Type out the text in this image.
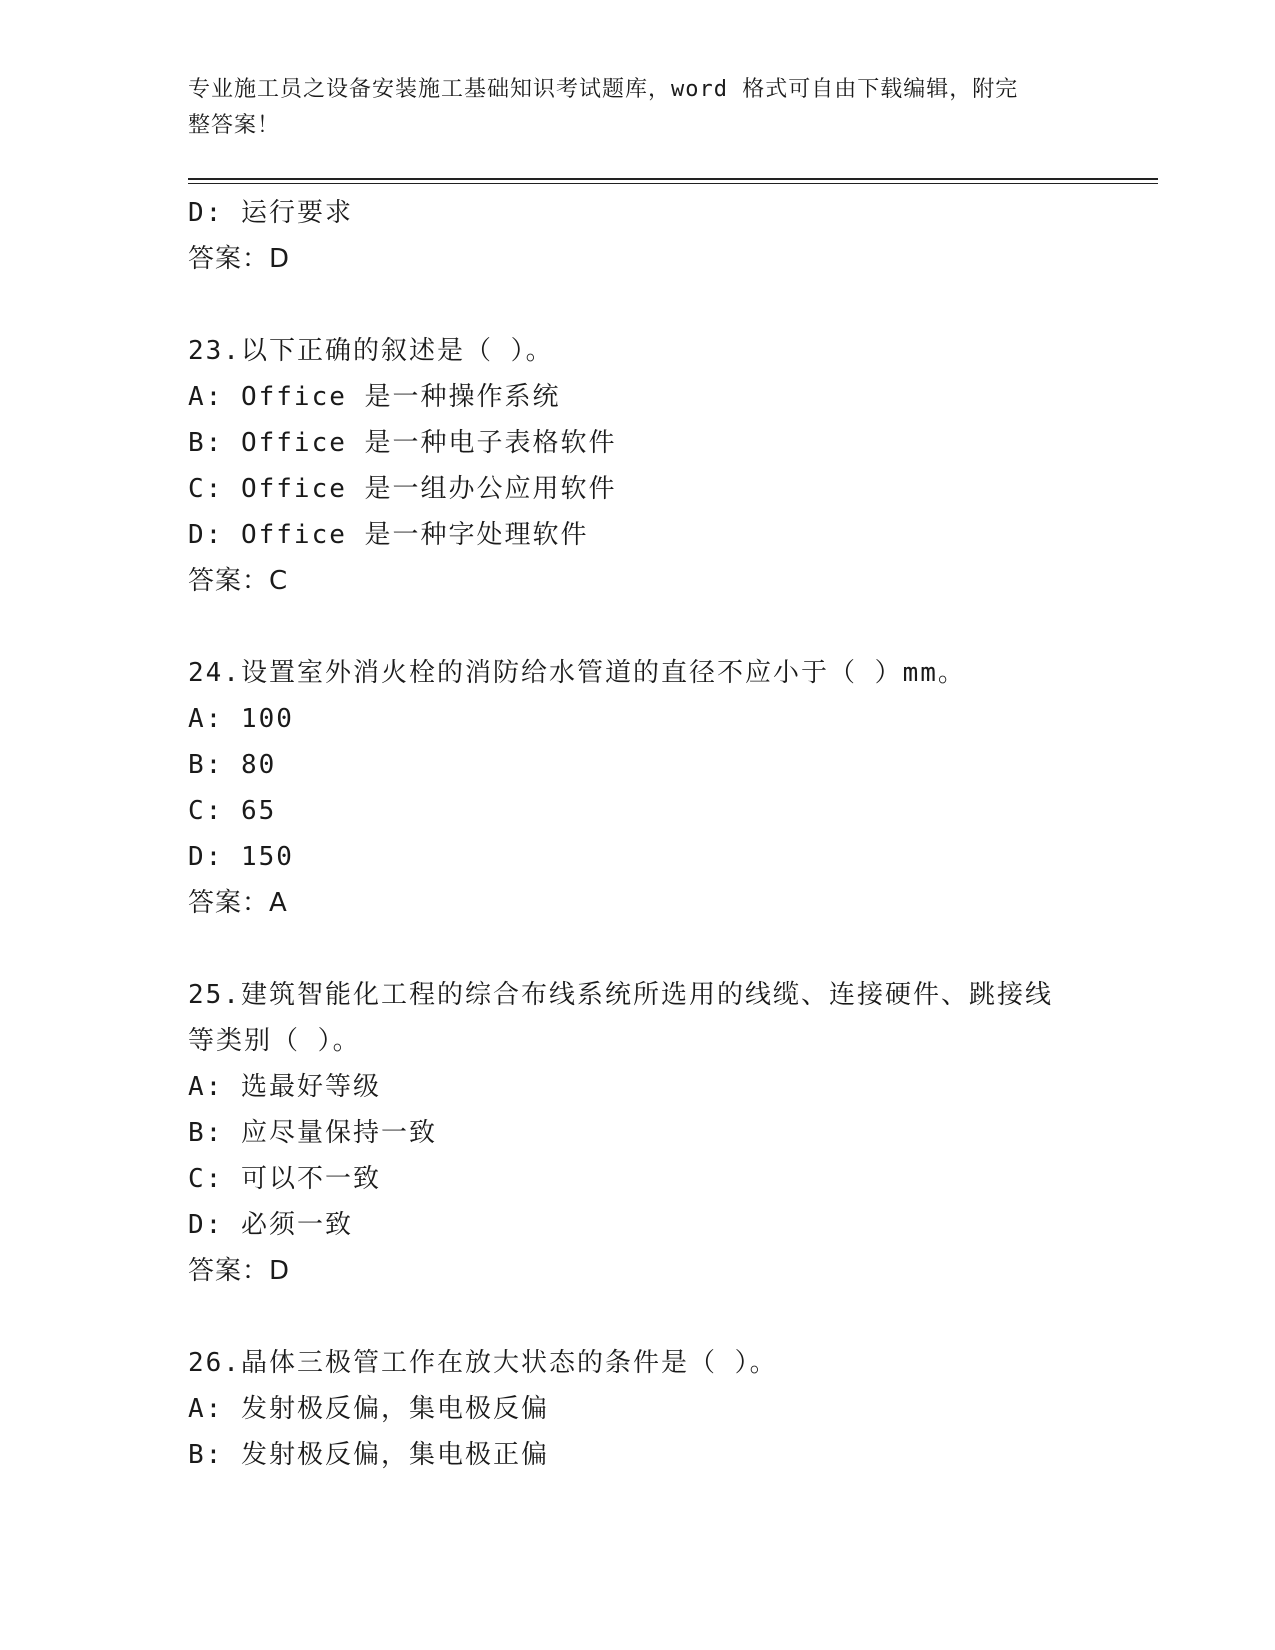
专业施工员之设备安装施工基础知识考试题库，word 格式可自由下载编辑，附完
整答案！
D: 运行要求
答案：D
23.以下正确的叙述是（ ）。
A: Office 是一种操作系统
B: Office 是一种电子表格软件
C: Office 是一组办公应用软件
D: Office 是一种字处理软件
答案：C
24.设置室外消火栓的消防给水管道的直径不应小于（ ）mm。
A: 100
B: 80
C: 65
D: 150
答案：A
25.建筑智能化工程的综合布线系统所选用的线缆、连接硬件、跳接线
等类别（ ）。
A: 选最好等级
B: 应尽量保持一致
C: 可以不一致
D: 必须一致
答案：D
26.晶体三极管工作在放大状态的条件是（ ）。
A: 发射极反偏，集电极反偏
B: 发射极反偏，集电极正偏
